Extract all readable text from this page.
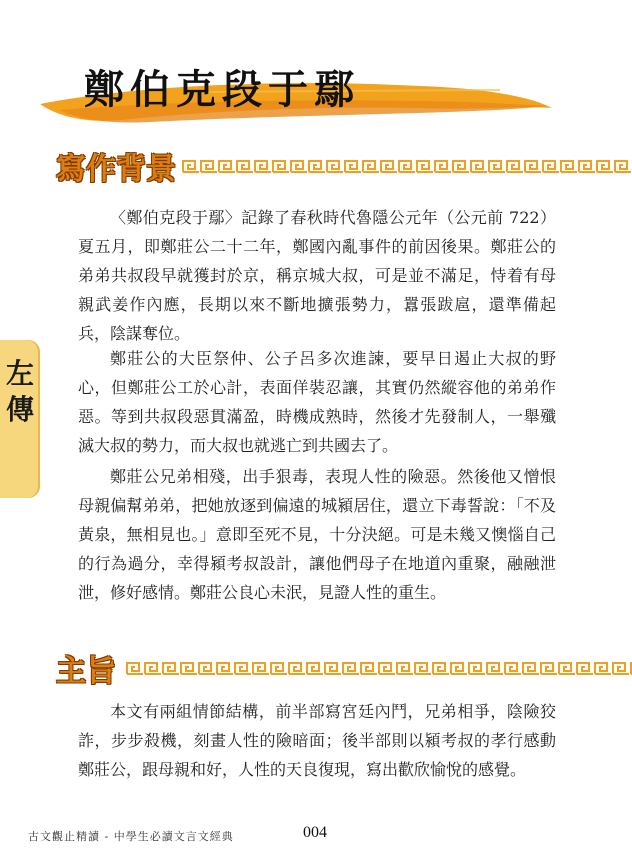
鄭伯克段于鄢
寫作背景

〈鄭伯克段于鄢〉記錄了春秋時代魯隱公元年（公元前 722）夏五月，即鄭莊公二十二年，鄭國內亂事件的前因後果。鄭莊公的弟弟共叔段早就獲封於京，稱京城大叔，可是並不滿足，恃着有母親武姜作內應，長期以來不斷地擴張勢力，囂張跋扈，還準備起兵，陰謀奪位。

鄭莊公的大臣祭仲、公子呂多次進諫，要早日遏止大叔的野心，但鄭莊公工於心計，表面佯裝忍讓，其實仍然縱容他的弟弟作惡。等到共叔段惡貫滿盈，時機成熟時，然後才先發制人，一舉殲滅大叔的勢力，而大叔也就逃亡到共國去了。

鄭莊公兄弟相殘，出手狠毒，表現人性的險惡。然後他又憎恨母親偏幫弟弟，把她放逐到偏遠的城潁居住，還立下毒誓說：「不及黃泉，無相見也。」意即至死不見，十分決絕。可是未幾又懊惱自己的行為過分，幸得潁考叔設計，讓他們母子在地道內重聚，融融泄泄，修好感情。鄭莊公良心未泯，見證人性的重生。

左
傳
主旨

本文有兩組情節結構，前半部寫宮廷內鬥，兄弟相爭，陰險狡詐，步步殺機，刻畫人性的險暗面；後半部則以潁考叔的孝行感動鄭莊公，跟母親和好，人性的天良復現，寫出歡欣愉悅的感覺。

古文觀止精讀 - 中學生必讀文言文經典	004
